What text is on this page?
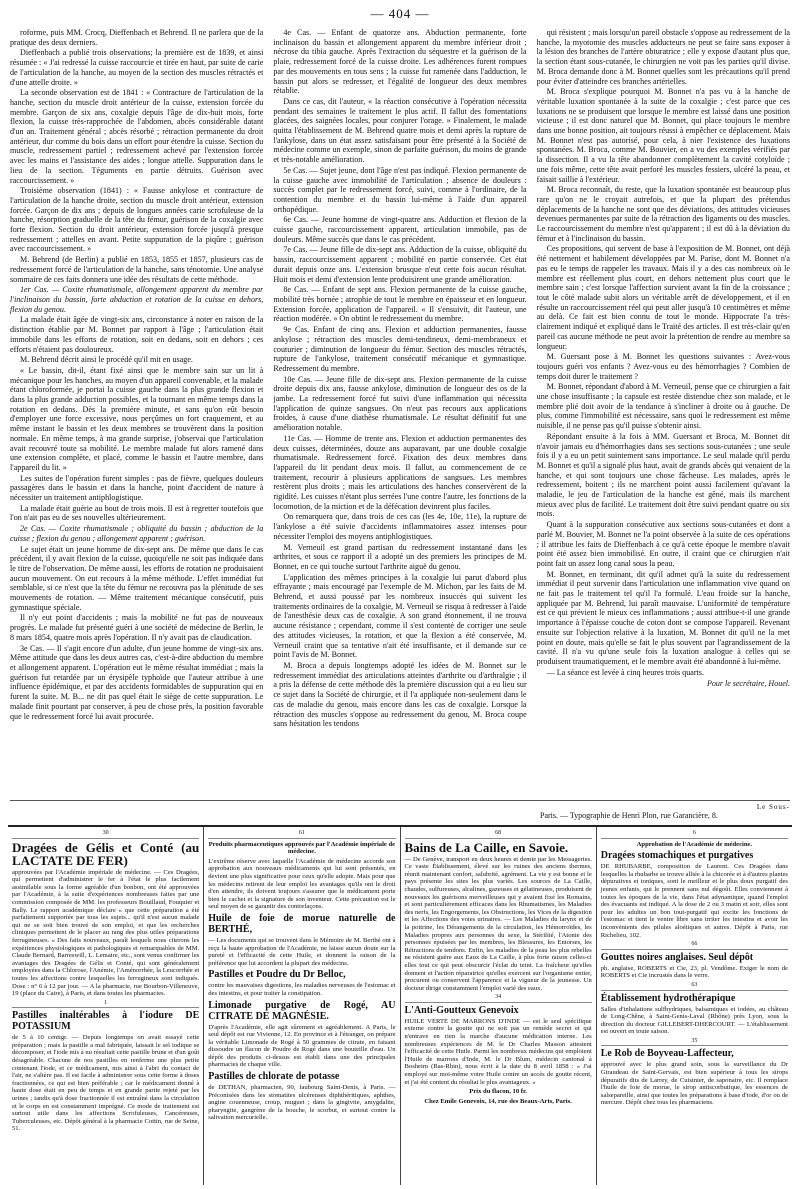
— 404 —

roforme, puis MM. Crocq, Dieffenbach et Behrend. Il ne parlera que de la pratique des deux derniers.

Dieffenbach a publié trois observations; la première est de 1839, et ainsi résumée : « J'ai redressé la cuisse raccourcie et tirée en haut, par suite de carie de l'articulation de la hanche, au moyen de la section des muscles rétractés et d'une attelle droite. »

La seconde observation est de 1841 : « Contracture de l'articulation de la hanche, section du muscle droit antérieur de la cuisse, extension forcée du membre. Garçon de six ans, coxalgie depuis l'âge de dix-huit mois, forte flexion, la cuisse très-rapprochée de l'abdomen, abcès considérable datant d'un an. Traitement général ; abcès résorbé ; rétraction permanente du droit antérieur, dur comme du bois dans un effort pour étendre la cuisse. Section du muscle, redressement partiel ; redressement achevé par l'extension forcée avec les mains et l'assistance des aides ; longue attelle. Suppuration dans le lieu de la section. Téguments en partie détruits. Guérison avec raccourcissement. »

Troisième observation (1841) : « Fausse ankylose et contracture de l'articulation de la hanche droite, section du muscle droit antérieur, extension forcée. Garçon de dix ans ; depuis de longues années carie scrofuleuse de la hanche, résorption graduelle de la tête du fémur, guérison de la coxalgie avec forte flexion. Section du droit antérieur, extension forcée jusqu'à presque redressement ; attelles en avant. Petite suppuration de la piqûre ; guérison avec raccourcissement. »

M. Behrend (de Berlin) a publié en 1853, 1855 et 1857, plusieurs cas de redressement forcé de l'articulation de la hanche, sans ténotomie. Une analyse sommaire de ces faits donnera une idée des résultats de cette méthode.

1er Cas. — Coxite rhumatismale, allongement apparent du membre par l'inclinaison du bassin, forte abduction et rotation de la cuisse en dehors, flexion du genou.

La malade était âgée de vingt-six ans, circonstance à noter en raison de la distinction établie par M. Bonnet par rapport à l'âge ; l'articulation était immobile dans les efforts de rotation, soit en dedans, soit en dehors ; ces efforts n'étaient pas douloureux.

M. Behrend décrit ainsi le procédé qu'il mit en usage.

« Le bassin, dit-il, étant fixé ainsi que le membre sain sur un lit à mécanique pour les hanches, au moyen d'un appareil convenable, et la malade étant chloroformée, je portai la cuisse gauche dans la plus grande flexion et dans la plus grande adduction possibles, et la tournant en même temps dans la rotation en dedans. Dès la première minute, et sans qu'on eût besoin d'employer une force excessive, nous perçûmes un fort craquement, et au même instant le bassin et les deux membres se trouvèrent dans la position normale. En même temps, à ma grande surprise, j'observai que l'articulation avait recouvré toute sa mobilité. Le membre malade fut alors ramené dans une extension complète, et placé, comme le bassin et l'autre membre, dans l'appareil du lit. »

Les suites de l'opération furent simples : pas de fièvre, quelques douleurs passagères dans le bassin et dans la hanche, point d'accident de nature à nécessiter un traitement antiphlogistique.

La malade était guérie au bout de trois mois. Il est à regretter toutefois que l'on n'ait pas eu de ses nouvelles ultérieurement.

2e Cas. — Coxite rhumatismale ; obliquité du bassin ; abduction de la cuisse ; flexion du genou ; allongement apparent ; guérison.

Le sujet était un jeune homme de dix-sept ans. De même que dans le cas précédent, il y avait flexion de la cuisse, quoiqu'elle ne soit pas indiquée dans le titre de l'observation. De même aussi, les efforts de rotation ne produisaient aucun mouvement. On eut recours à la même méthode. L'effet immédiat fut semblable, si ce n'est que la tête du fémur ne recouvra pas la plénitude de ses mouvements de rotation. — Même traitement mécanique consécutif, puis gymnastique spéciale.

Il n'y eut point d'accidents ; mais la mobilité ne fut pas de nouveaux progrès. Le malade fut présenté guéri à une société de médecine de Berlin, le 8 mars 1854, quatre mois après l'opération. Il n'y avait pas de claudication.

3e Cas. — Il s'agit encore d'un adulte, d'un jeune homme de vingt-six ans. Même attitude que dans les deux autres cas, c'est-à-dire abduction du membre et allongement apparent. L'opération eut le même résultat immédiat ; mais la guérison fut retardée par un érysipèle typhoïde que l'auteur attribue à une influence épidémique, et par des accidents formidables de suppuration qui en furent la suite. M. B... ne dit pas quel était le siège de cette suppuration. Le malade finit pourtant par conserver, à peu de chose près, la position favorable que le redressement forcé lui avait procurée.

4e Cas. — Enfant de quatorze ans. Abduction permanente, forte inclinaison du bassin et allongement apparent du membre inférieur droit ; nécrose du tibia gauche. Après l'extraction du séquestre et la guérison de la plaie, redressement forcé de la cuisse droite. Les adhérences furent rompues par des mouvements en tous sens ; la cuisse fut ramenée dans l'adduction, le bassin put alors se redresser, et l'égalité de longueur des deux membres rétablie.

Dans ce cas, dit l'auteur, « la réaction consécutive à l'opération nécessita pendant des semaines le traitement le plus actif. Il fallut des fomentations glacées, des saignées locales, pour conjurer l'orage. » Finalement, le malade quitta l'établissement de M. Behrend quatre mois et demi après la rupture de l'ankylose, dans un état assez satisfaisant pour être présenté à la Société de médecine comme un exemple, sinon de parfaite guérison, du moins de grande et très-notable amélioration.

5e Cas. — Sujet jeune, dont l'âge n'est pas indiqué. Flexion permanente de la cuisse gauche avec immobilité de l'articulation ; absence de douleurs : succès complet par le redressement forcé, suivi, comme à l'ordinaire, de la contention du membre et du bassin lui-même à l'aide d'un appareil orthopédique.

6e Cas. — Jeune homme de vingt-quatre ans. Adduction et flexion de la cuisse gauche, raccourcissement apparent, articulation immobile, pas de douleurs. Même succès que dans le cas précédent.

7e Cas. — Jeune fille de dix-sept ans. Adduction de la cuisse, obliquité du bassin, raccourcissement apparent ; mobilité en partie conservée. Cet état durait depuis onze ans. L'extension brusque n'eut cette fois aucun résultat. Huit mois et demi d'extension lente produisirent une grande amélioration.

8e Cas. — Enfant de sept ans. Flexion permanente de la cuisse gauche, mobilité très bornée ; atrophie de tout le membre en épaisseur et en longueur. Extension forcée, application de l'appareil. « Il s'ensuivit, dit l'auteur, une réaction modérée. » On obtint le redressement du membre.

9e Cas. Enfant de cinq ans. Flexion et adduction permanentes, fausse ankylose ; rétraction des muscles demi-tendineux, demi-membraneux et couturier ; diminution de longueur du fémur. Section des muscles rétractés, rupture de l'ankylose, traitement consécutif mécanique et gymnastique. Redressement du membre.

10e Cas. — Jeune fille de dix-sept ans. Flexion permanente de la cuisse droite depuis dix ans, fausse ankylose, diminution de longueur des os de la jambe. La redressement forcé fut suivi d'une inflammation qui nécessita l'application de quinze sangsues. On n'eut pas recours aux applications froides, à cause d'une diathèse rhumatismale. Le résultat définitif fut une amélioration notable.

11e Cas. — Homme de trente ans. Flexion et adduction permanentes des deux cuisses, déterminées, douze ans auparavant, par une double coxalgie rhumatismale. Redressement forcé. Fixation des deux membres dans l'appareil du lit pendant deux mois. Il fallut, au commencement de ce traitement, recourir à plusieurs applications de sangsues. Les membres restèrent plus droits ; mais les articulations des hanches conservèrent de la rigidité. Les cuisses n'étant plus serrées l'une contre l'autre, les fonctions de la locomotion, de la miction et de la défécation devinrent plus faciles.

On remarquera que, dans trois de ces cas (les 4e, 10e, 11e), la rupture de l'ankylose a été suivie d'accidents inflammatoires assez intenses pour nécessiter l'emploi des moyens antiphlogistiques.

M. Verneuil est grand partisan du redressement instantané dans les arthrites, et sous ce rapport il a adopté un des premiers les principes de M. Bonnet, en ce qui touche surtout l'arthrite aiguë du genou.

L'application des mêmes principes à la coxalgie lui parut d'abord plus effrayante ; mais encouragé par l'exemple de M. Michon, par les faits de M. Behrend, et aussi poussé par les nombreux insuccès qui suivent les traitements ordinaires de la coxalgie, M. Verneuil se risqua à redresser à l'aide de l'anesthésie deux cas de coxalgie. A son grand étonnement, il ne trouva aucune résistance ; cependant, comme il s'est contenté de corriger une seule des attitudes vicieuses, la rotation, et que la flexion a été conservée, M. Verneuil craint que sa tentative n'ait été insuffisante, et il demande sur ce point l'avis de M. Bonnet.

M. Broca a depuis longtemps adopté les idées de M. Bonnet sur le redressement immédiat des articulations atteintes d'arthrite ou d'arthralgie ; il a pris la défense de cette méthode dès la première discussion qui a eu lieu sur ce sujet dans la Société de chirurgie, et il l'a appliquée non-seulement dans le cas de maladie du genou, mais encore dans les cas de coxalgie. Lorsque la rétraction des muscles s'oppose au redressement du genou, M. Broca coupe sans hésitation les tendons

qui résistent ; mais lorsqu'un pareil obstacle s'oppose au redressement de la hanche, la myotomie des muscles adducteurs ne peut se faire sans exposer à la lésion des branches de l'artère obturatrice ; elle y expose d'autant plus que, la section étant sous-cutanée, le chirurgien ne voit pas les parties qu'il divise. M. Broca demande donc à M. Bonnet quelles sont les précautions qu'il prend pour éviter d'atteindre ces branches artérielles.

M. Broca s'explique pourquoi M. Bonnet n'a pas vu à la hanche de véritable luxation spontanée à la suite de la coxalgie ; c'est parce que ces luxations ne se produisent que lorsque le membre est laissé dans une position vicieuse ; il est donc naturel que M. Bonnet, qui place toujours le membre dans une bonne position, ait toujours réussi à empêcher ce déplacement. Mais M. Bonnet n'est pas autorisé, pour cela, à nier l'existence des luxations spontanées. M. Broca, comme M. Bouvier, en a vu des exemples vérifiés par la dissection. Il a vu la tête abandonner complètement la cavité cotyloïde ; une fois même, cette tête avait perforé les muscles fessiers, ulcéré la peau, et faisait saillie à l'extérieur.

M. Broca reconnaît, du reste, que la luxation spontanée est beaucoup plus rare qu'on ne le croyait autrefois, et que la plupart des prétendus déplacements de la hanche ne sont que des déviations, des attitudes vicieuses devenues permanentes par suite de la rétraction des ligaments ou des muscles. Le raccourcissement du membre n'est qu'apparent ; il est dû à la déviation du fémur et à l'inclinaison du bassin.

Ces propositions, qui servent de base à l'exposition de M. Bonnet, ont déjà été nettement et habilement développées par M. Parise, dont M. Bonnet n'a pas eu le temps de rappeler les travaux. Mais il y a des cas nombreux où le membre est réellement plus court, en dehors nettement plus court que le membre sain ; c'est lorsque l'affection survient avant la fin de la croissance ; tout le côté malade subit alors un véritable arrêt de développement, et il en résulte un raccourcissement réel qui peut aller jusqu'à 10 centimètres et même au delà. Ce fait est bien connu de tout le monde. Hippocrate l'a très-clairement indiqué et expliqué dans le Traité des articles. Il est très-clair qu'en pareil cas aucune méthode ne peut avoir la prétention de rendre au membre sa longueur.

M. Guersant pose à M. Bonnet les questions suivantes : Avez-vous toujours guéri vos enfants ? Avez-vous eu des hémorrhagies ? Combien de temps doit durer le traitement ?

M. Bonnet, répondant d'abord à M. Verneuil, pense que ce chirurgien a fait une chose insuffisante ; la capsule est restée distendue chez son malade, et le membre plié doit avoir de la tendance à s'incliner à droite ou à gauche. De plus, comme l'immobilité est nécessaire, sans quoi le redressement est même nuisible, il ne pense pas qu'il puisse s'obtenir ainsi.

Répondant ensuite à la fois à MM. Guersant et Broca, M. Bonnet dit n'avoir jamais eu d'hémorrhagies dans ses sections sous-cutanées ; une seule fois il y a eu un petit suintement sans importance. Le seul malade qu'il perdu M. Bonnet et qu'il a signalé plus haut, avait de grands abcès qui venaient de la hanche, et qui sont toujours une chose fâcheuse. Les malades, après le redressement, boitent ; ils ne marchent point aussi facilement qu'avant la maladie, le jeu de l'articulation de la hanche est gêné, mais ils marchent mieux avec plus de facilité. Le traitement doit être suivi pendant quatre ou six mois.

Quant à la suppuration consécutive aux sections sous-cutanées et dont a parlé M. Bouvier, M. Bonnet ne l'a point observée à la suite de ces opérations ; il attribue les faits de Dieffenbach à ce qu'à cette époque le membre n'avait point été assez bien immobilisé. En outre, il craint que ce chirurgien n'ait point fait un assez long canal sous la peau.

M. Bonnet, en terminant, dit qu'il admet qu'à la suite du redressement immédiat il peut survenir dans l'articulation une inflammation vive quand on ne fait pas le traitement tel qu'il l'a formulé. L'eau froide sur la hanche, appliquée par M. Behrend, lui paraît mauvaise. L'uniformité de température est ce qui prévient le mieux ces inflammations ; aussi attribue-t-il une grande importance à l'épaisse couche de coton dont se compose l'appareil. Revenant ensuite sur l'objection relative à la luxation, M. Bonnet dit qu'il ne la met point en doute, mais qu'elle se fait le plus souvent par l'agrandissement de la cavité. Il n'a vu qu'une seule fois la luxation analogue à celles qui se produisent traumatiquement, et le membre avait été abandonné à lui-même.

— La séance est levée à cinq heures trois quarts.

Pour le secrétaire, Houel.
Le Sous-
Paris. — Typographie de Henri Plon, rue Garancière, 8.
30
Dragées de Gélis et Conté (au LACTATE DE FER)

approuvées par l'Académie impériale de médecine. — Ces Dragées, qui permettent d'administrer le fer à l'état le plus facilement assimilable sous la forme agréable d'un bonbon, ont été approuvées par l'Académie, à la suite d'expériences nombreuses faites par une commission composée de MM. les professeurs Bouillaud, Fouquier et Bally. Le rapport académique déclare « que cette préparation a été parfaitement supportée par tous les sujets... qu'il n'est aucun malade qui ne se soit bien trouvé de son emploi, et que les recherches cliniques permettent de le placer au rang des plus utiles préparations ferrugineuses. » Des faits nouveaux, paraît lesquels nous citerons les expériences physiologiques et pathologiques et remarquables de MM. Claude Bernard, Barreswill, L. Lemaire, etc., sont venus confirmer les avantages des Dragées de Gélis et Conté, qui sont généralement employées dans la Chlorose, l'Anémie, l'Aménorrhée, la Leucorrhée et toutes les affections contre lesquelles les ferrugineux sont indiqués. Dose : n° 6 à 12 par jour. — A la pharmacie, rue Bourbon-Villeneuve, 19 (place du Caire), à Paris, et dans toutes les pharmacies.

1
Pastilles inaltérables à l'iodure DE POTASSIUM

de 5 à 10 centigr. — Depuis longtemps on avait essayé cette préparation ; mais la pastille a mal fabriquée, laissait le sel iodique se décomposer, et l'iode mis à nu résultait cette pastille brune et d'un goût désagréable. Chacune de nos pastilles en renferme une plus petite contenant l'iode, et ce médicament, mis ainsi à l'abri du contact de l'air, ne s'altère pas. Il est facile à administrer sous cette forme à doses fractionnées, ce qui est bien préférable ; car le médicament donné à haute dose était en peu de temps et en grande partie rejeté par les urines ; tandis qu'à dose fractionnée il est entraîné dans la circulation et le corps en est constamment imprégné. Ce mode de traitement est surtout utile dans les affections Scrofuleuses, Cancéreuses, Tuberculeuses, etc. Dépôt général à la pharmacie Cottin, rue de Seine, 51.

61

Produits pharmaceutiques approuvés par l'Académie impériale de médecine.

L'extrême réserve avec laquelle l'Académie de médecine accorde son approbation aux nouveaux médicaments qui lui sont présentés, en devient une plus significative pour ceux qu'elle adopte. Mais pour que les médecins retirent de leur emploi les avantages qu'ils ont le droit d'en attendre, ils doivent toujours s'assurer que le médicament porte bien le cachet et la signature de son inventeur. Cette précaution est le seul moyen de se garantir des contrefaçons.

Huile de foie de morue naturelle de BERTHÉ,

— Les documents qui se trouvent dans le Mémoire de M. Berthé ont à reçu la haute approbation de l'Académie, ne laisse aucun doute sur la pureté et l'efficacité de cette Huile, et donnent la raison de la préférence que lui accordent la plupart des médecins.

Pastilles et Poudre du Dr Belloc,

contre les mauvaises digestions, les maladies nerveuses de l'estomac et des intestins, et pour traiter la constipation.

Limonade purgative de Rogé, AU CITRATE DE MAGNÉSIE.

D'après l'Académie, elle agit sûrement et agréablement. A Paris, le seul dépôt est rue Vivienne, 12. En province et à l'étranger, on prépare la véritable Limonade de Rogé à 50 grammes de citrate, en faisant dissoudre un flacon de Poudre de Rogé dans une bouteille d'eau. Un dépôt des produits ci-dessus est établi dans une des principales pharmacies de chaque ville.

Pastilles de chlorate de potasse

de DETHAN, pharmacien, 90, faubourg Saint-Denis, à Paris. — Préconisées dans les stomatites ulcéreuses diphthéritiques, aphthes, angine couenneuse, croup, muguet ; dans la gingivite, amygdalite, pharyngite, gangrène de la bouche, le scorbut, et surtout contre la salivation mercurielle.

68
Bains de La Caille, en Savoie.

— De Genève, transport en deux heures et demie par les Messageries. Ce vaste Établissement, élevé sur les ruines des anciens thermes, réunit maintenant confort, salubrité, agrément. La vie y est bonne et le pays présente les sites les plus variés. Les sources de La Caille, chaudes, sulfureuses, alcalines, gazeuses et gélatineuses, produisent de nouveaux les guérisons merveilleuses qui y avaient fixé les Romains, et sont particulièrement efficaces dans les Rhumatismes, les Maladies des nerfs, les Engorgements, les Obstructions, les Vices de la digestion et les Affections des voies urinaires. — Les Maladies du larynx et de la poitrine, les Dérangements de la circulation, les Hémorroïdes, les Maladies propres aux personnes du sexe, la Stérilité, l'Atonie des personnes épuisées par les membres, les Blessures, les Entorses, les Rétractions de tendons. Enfin, les maladies de la peau les plus rebelles ne résistent guère aux Eaux de La Caille, à plus forte raison celles-ci elles tout ce qui peut obscurcir l'éclat du teint. La fraîcheur qu'elles donnent et l'action réparatrice qu'elles exercent sur l'organisme entier, procurent ou conservent l'apparence et la vigueur de la jeunesse. Un docteur dirige constamment l'emploi varié des eaux.

34
L'Anti-Goutteux Genevoix

HUILE VERTE DE MARRONS D'INDE — est le seul spécifique externe contre la goutte qui ne soit pas un remède secret et qui n'entrave en rien la marche d'aucune médication interne. Les nombreuses expériences de M. le Dr Charles Masson attestent l'efficacité de cette Huile. Parmi les nombreux médecins qui emploient l'Huile de marrons d'Inde, M. le Dr Blum, médecin cantonal à Bosheim (Bas-Rhin), nous écrit à la date du 8 avril 1858 : « J'ai employé sur moi-même votre Huile contre un accès de goutte récent, et j'ai été content du résultat le plus avantageux. »

Prix du flacon, 10 fr.

Chez Emile Genevoix, 14, rue des Beaux-Arts, Paris.

6

Approbation de l'Académie de médecine.

Dragées stomachiques et purgatives

DE RHUBARBE, composition de Laurent. Ces Dragées dans lesquelles la rhubarbe se trouve alliée à la chicorée et à d'autres plantes dépuratives et toniques, sont le meilleur et le plus doux purgatif des jeunes enfants, qui le prennent sans nul dégoût. Elles conviennent à toutes les époques de la vie, dans l'état adynamique, quand l'emploi des évacuants est indiqué. A la dose de 2 ou 3 matin et soir, elles sont pour les adultes un bon tout-purgatif qui excite les fonctions de l'estomac et tient le ventre libre sans irriter les intestins et avoir les inconvénients des pilules aloétiques et autres. Dépôt à Paris, rue Richelieu, 102.

66
Gouttes noires anglaises. Seul dépôt

ph. anglaise, ROBERTS et Cie, 23, pl. Vendôme. Exiger le nom de ROBERTS et Cie incrustés dans le verre.

63
Établissement hydrothérapique

Salles d'inhalations sulfhydriques, balsamiques et iodées, au château de Long-Chêne, à Saint-Genis-Laval (Rhône) près Lyon, sous la direction du docteur GILLEBERT-DHERCOURT. — L'établissement est ouvert en toute saison.

35
Le Rob de Boyveau-Laffecteur,

approuvé avec le plus grand soin, sous la surveillance du Dr Giraudeau de Saint-Gervais, est bien supérieur à tous les sirops dépuratifs dits de Larrey, de Cuisinier, de saponaire, etc. Il remplace l'huile de foie de morue, le sirop antiscorbutique, les essences de salsepareille, ainsi que toutes les préparations à base d'iode, d'or ou de mercure. Dépôt chez tous les pharmaciens.
